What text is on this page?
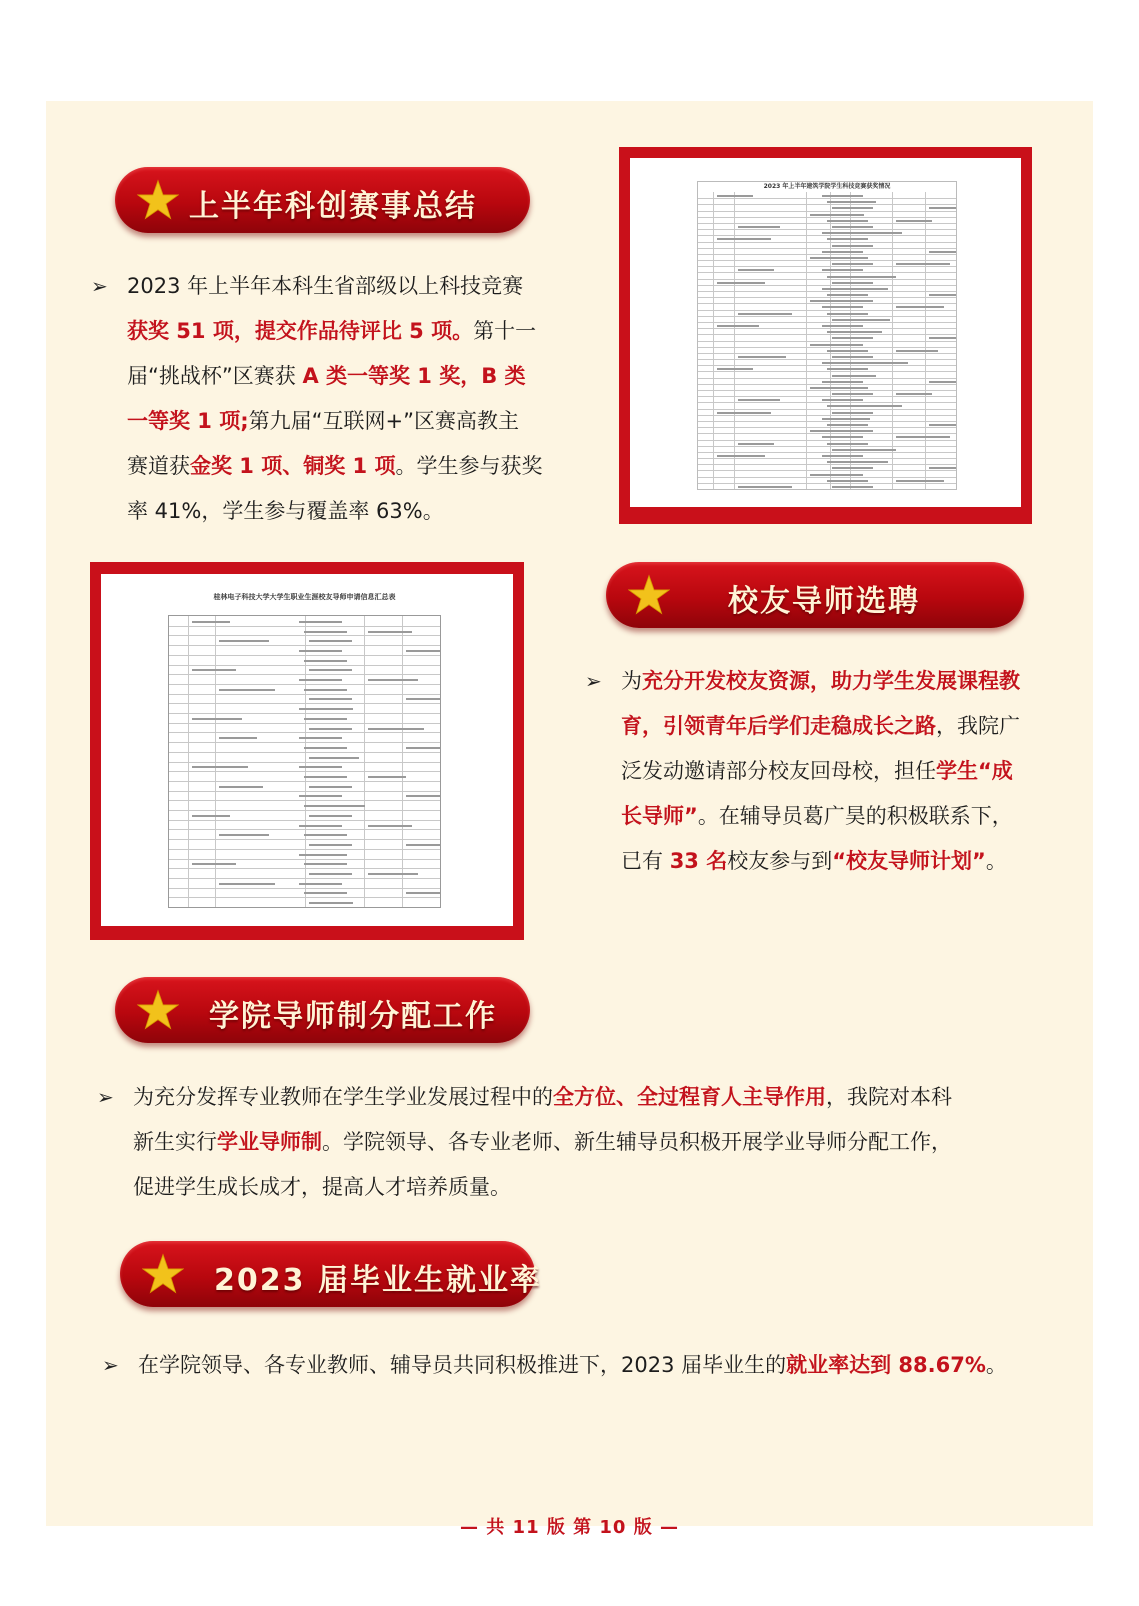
上半年科创赛事总结
➢ 2023 年上半年本科生省部级以上科技竞赛
获奖 51 项，提交作品待评比 5 项。第十一
届“挑战杯”区赛获 A 类一等奖 1 奖，B 类
一等奖 1 项;第九届“互联网+”区赛高教主
赛道获金奖 1 项、铜奖 1 项。学生参与获奖
率 41%，学生参与覆盖率 63%。
2023 年上半年建筑学院学生科技竞赛获奖情况
桂林电子科技大学大学生职业生涯校友导师申请信息汇总表	校友导师选聘
➢ 为充分开发校友资源，助力学生发展课程教
育，引领青年后学们走稳成长之路，我院广
泛发动邀请部分校友回母校，担任学生“成
长导师”。在辅导员葛广昊的积极联系下，
已有 33 名校友参与到“校友导师计划”。
学院导师制分配工作
➢ 为充分发挥专业教师在学生学业发展过程中的全方位、全过程育人主导作用，我院对本科
新生实行学业导师制。学院领导、各专业老师、新生辅导员积极开展学业导师分配工作，
促进学生成长成才，提高人才培养质量。
2023 届毕业生就业率
➢ 在学院领导、各专业教师、辅导员共同积极推进下，2023 届毕业生的就业率达到 88.67%。
— 共 11 版 第 10 版 —
